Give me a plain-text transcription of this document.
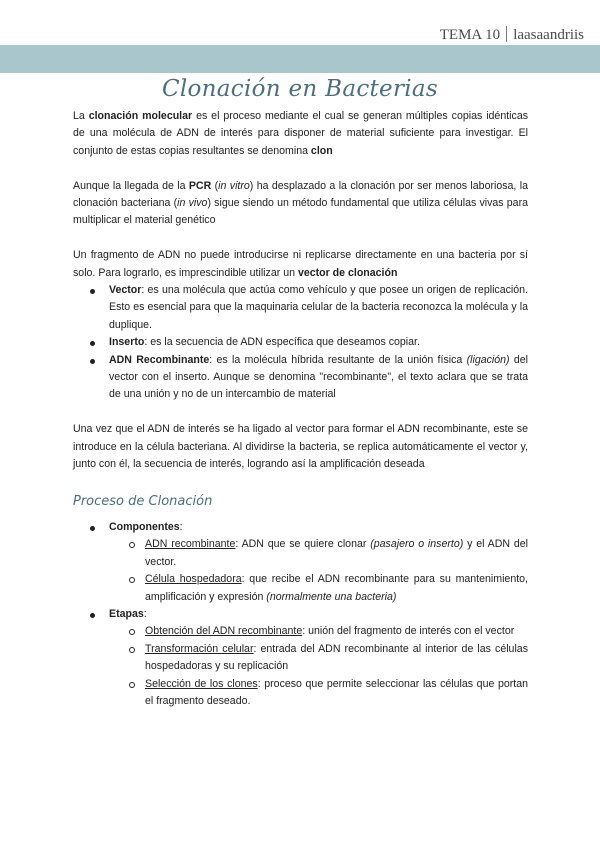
TEMA 10 laasaandriis
Clonación en Bacterias

La clonación molecular es el proceso mediante el cual se generan múltiples copias idénticas de una molécula de ADN de interés para disponer de material suficiente para investigar. El conjunto de estas copias resultantes se denomina clon

Aunque la llegada de la PCR (in vitro) ha desplazado a la clonación por ser menos laboriosa, la clonación bacteriana (in vivo) sigue siendo un método fundamental que utiliza células vivas para multiplicar el material genético

Un fragmento de ADN no puede introducirse ni replicarse directamente en una bacteria por sí solo. Para lograrlo, es imprescindible utilizar un vector de clonación

Vector: es una molécula que actúa como vehículo y que posee un origen de replicación. Esto es esencial para que la maquinaria celular de la bacteria reconozca la molécula y la duplique.
Inserto: es la secuencia de ADN específica que deseamos copiar.
ADN Recombinante: es la molécula híbrida resultante de la unión física (ligación) del vector con el inserto. Aunque se denomina "recombinante", el texto aclara que se trata de una unión y no de un intercambio de material

Una vez que el ADN de interés se ha ligado al vector para formar el ADN recombinante, este se introduce en la célula bacteriana. Al dividirse la bacteria, se replica automáticamente el vector y, junto con él, la secuencia de interés, logrando así la amplificación deseada

Proceso de Clonación
Componentes:
ADN recombinante: ADN que se quiere clonar (pasajero o inserto) y el ADN del vector.
Célula hospedadora: que recibe el ADN recombinante para su mantenimiento, amplificación y expresión (normalmente una bacteria)
Etapas:
Obtención del ADN recombinante: unión del fragmento de interés con el vector
Transformación celular: entrada del ADN recombinante al interior de las células hospedadoras y su replicación
Selección de los clones: proceso que permite seleccionar las células que portan el fragmento deseado.
